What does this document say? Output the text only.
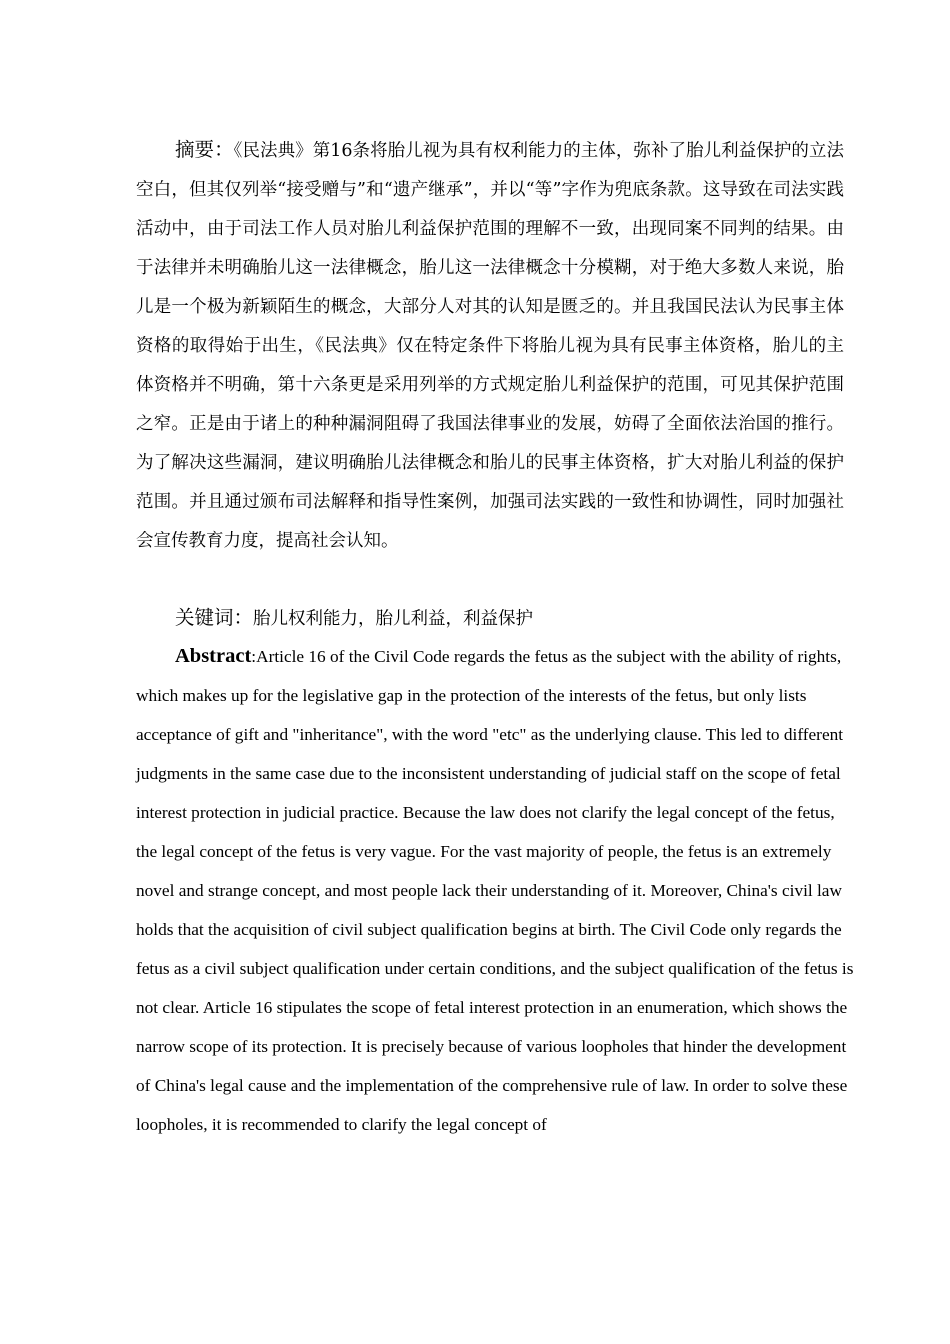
摘要：《民法典》第16条将胎儿视为具有权利能力的主体，弥补了胎儿利益保护的立法空白，但其仅列举“接受赠与”和“遗产继承”，并以“等”字作为兜底条款。这导致在司法实践活动中，由于司法工作人员对胎儿利益保护范围的理解不一致，出现同案不同判的结果。由于法律并未明确胎儿这一法律概念，胎儿这一法律概念十分模糊，对于绝大多数人来说，胎儿是一个极为新颖陌生的概念，大部分人对其的认知是匮乏的。并且我国民法认为民事主体资格的取得始于出生，《民法典》仅在特定条件下将胎儿视为具有民事主体资格，胎儿的主体资格并不明确，第十六条更是采用列举的方式规定胎儿利益保护的范围，可见其保护范围之窄。正是由于诸上的种种漏洞阻碍了我国法律事业的发展，妨碍了全面依法治国的推行。为了解决这些漏洞，建议明确胎儿法律概念和胎儿的民事主体资格，扩大对胎儿利益的保护范围。并且通过颁布司法解释和指导性案例，加强司法实践的一致性和协调性，同时加强社会宣传教育力度，提高社会认知。

关键词：胎儿权利能力，胎儿利益，利益保护

Abstract:Article 16 of the Civil Code regards the fetus as the subject with the ability of rights, which makes up for the legislative gap in the protection of the interests of the fetus, but only lists acceptance of gift and "inheritance", with the word "etc" as the underlying clause. This led to different judgments in the same case due to the inconsistent understanding of judicial staff on the scope of fetal interest protection in judicial practice. Because the law does not clarify the legal concept of the fetus, the legal concept of the fetus is very vague. For the vast majority of people, the fetus is an extremely novel and strange concept, and most people lack their understanding of it. Moreover, China's civil law holds that the acquisition of civil subject qualification begins at birth. The Civil Code only regards the fetus as a civil subject qualification under certain conditions, and the subject qualification of the fetus is not clear. Article 16 stipulates the scope of fetal interest protection in an enumeration, which shows the narrow scope of its protection. It is precisely because of various loopholes that hinder the development of China's legal cause and the implementation of the comprehensive rule of law. In order to solve these loopholes, it is recommended to clarify the legal concept of
